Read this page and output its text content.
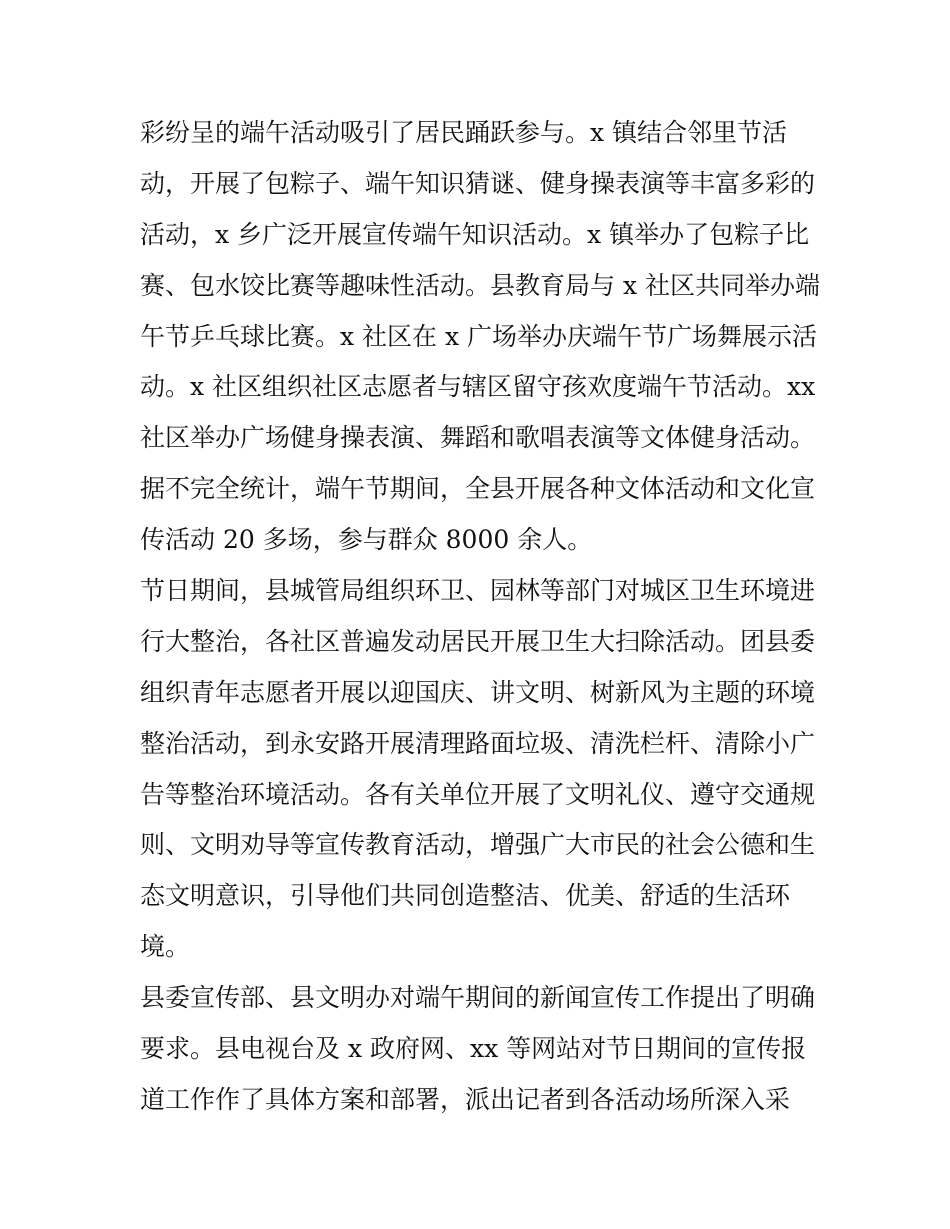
彩纷呈的端午活动吸引了居民踊跃参与。x 镇结合邻里节活
动，开展了包粽子、端午知识猜谜、健身操表演等丰富多彩的
活动，x 乡广泛开展宣传端午知识活动。x 镇举办了包粽子比
赛、包水饺比赛等趣味性活动。县教育局与 x 社区共同举办端
午节乒乓球比赛。x 社区在 x 广场举办庆端午节广场舞展示活
动。x 社区组织社区志愿者与辖区留守孩欢度端午节活动。xx
社区举办广场健身操表演、舞蹈和歌唱表演等文体健身活动。
据不完全统计，端午节期间，全县开展各种文体活动和文化宣
传活动 20 多场，参与群众 8000 余人。
节日期间，县城管局组织环卫、园林等部门对城区卫生环境进
行大整治，各社区普遍发动居民开展卫生大扫除活动。团县委
组织青年志愿者开展以迎国庆、讲文明、树新风为主题的环境
整治活动，到永安路开展清理路面垃圾、清洗栏杆、清除小广
告等整治环境活动。各有关单位开展了文明礼仪、遵守交通规
则、文明劝导等宣传教育活动，增强广大市民的社会公德和生
态文明意识，引导他们共同创造整洁、优美、舒适的生活环
境。
县委宣传部、县文明办对端午期间的新闻宣传工作提出了明确
要求。县电视台及 x 政府网、xx 等网站对节日期间的宣传报
道工作作了具体方案和部署，派出记者到各活动场所深入采
